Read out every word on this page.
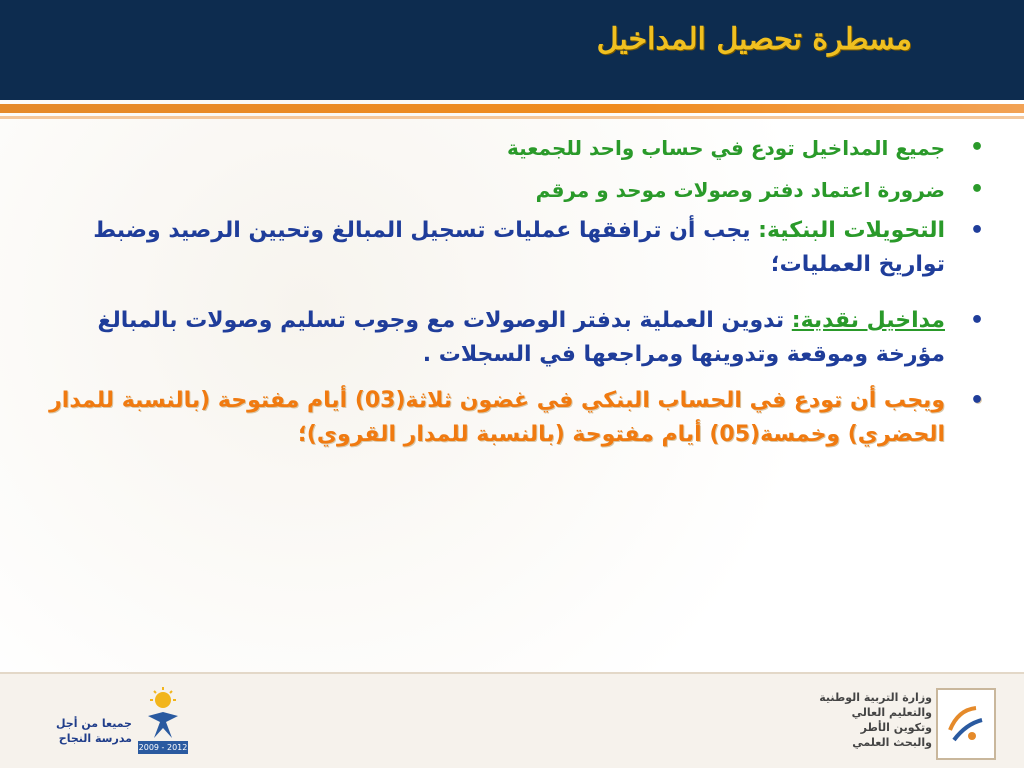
مسطرة تحصيل المداخيل
•
جميع المداخيل تودع في حساب واحد للجمعية
•
ضرورة اعتماد دفتر وصولات موحد و مرقم
•
التحويلات البنكية: يجب أن ترافقها عمليات تسجيل المبالغ وتحيين الرصيد وضبط تواريخ العمليات؛
•
مداخيل نقدية: تدوين العملية بدفتر الوصولات مع وجوب تسليم وصولات بالمبالغ مؤرخة وموقعة وتدوينها ومراجعها في السجلات .
•
ويجب أن تودع في الحساب البنكي في غضون ثلاثة(03) أيام مفتوحة (بالنسبة للمدار الحضري) وخمسة(05) أيام مفتوحة (بالنسبة للمدار القروي)؛
وزارة التربية الوطنية
والتعليم العالي
وتكوين الأطر
والبحث العلمي
2009 - 2012
جميعا من أجل
مدرسة النجاح
